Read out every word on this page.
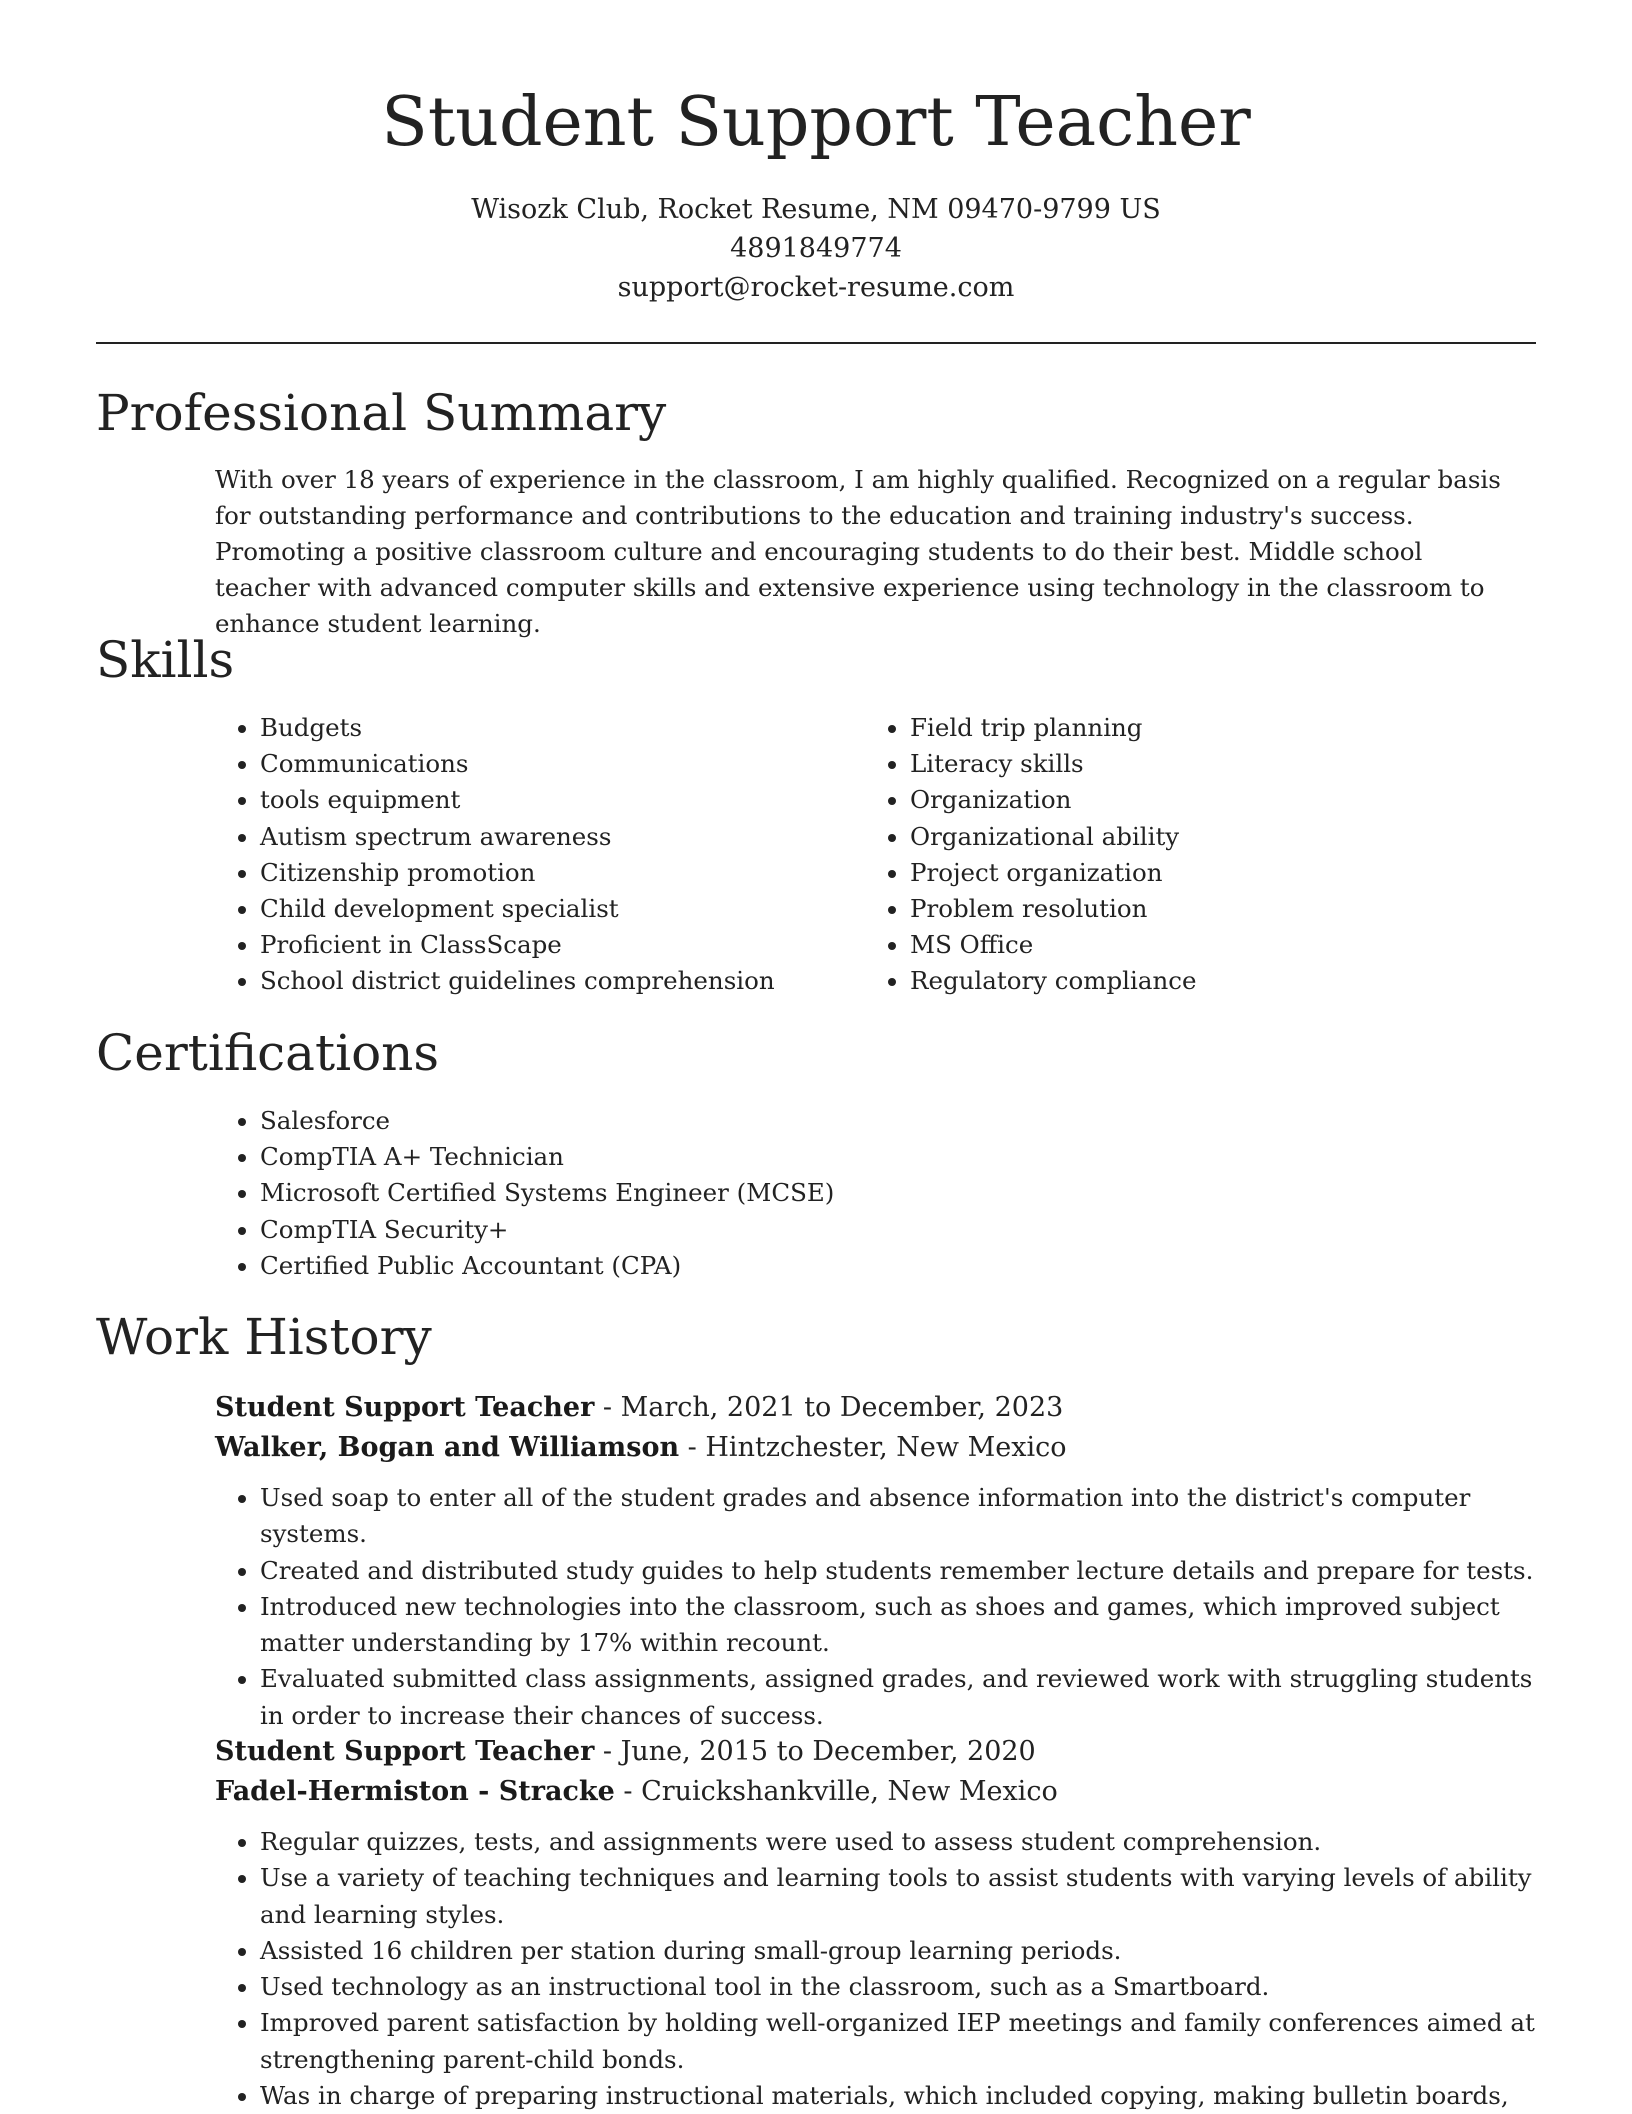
Student Support Teacher

Wisozk Club, Rocket Resume, NM 09470-9799 US

4891849774

support@rocket-resume.com

Professional Summary

With over 18 years of experience in the classroom, I am highly qualified. Recognized on a regular basis for outstanding performance and contributions to the education and training industry's success. Promoting a positive classroom culture and encouraging students to do their best. Middle school teacher with advanced computer skills and extensive experience using technology in the classroom to enhance student learning.

Skills
• Budgets
• Communications
• tools equipment
• Autism spectrum awareness
• Citizenship promotion
• Child development specialist
• Proficient in ClassScape
• School district guidelines comprehension
• Field trip planning
• Literacy skills
• Organization
• Organizational ability
• Project organization
• Problem resolution
• MS Office
• Regulatory compliance
Certifications
• Salesforce
• CompTIA A+ Technician
• Microsoft Certified Systems Engineer (MCSE)
• CompTIA Security+
• Certified Public Accountant (CPA)
Work History

Student Support Teacher - March, 2021 to December, 2023

Walker, Bogan and Williamson - Hintzchester, New Mexico

• Used soap to enter all of the student grades and absence information into the district's computer systems.
• Created and distributed study guides to help students remember lecture details and prepare for tests.
• Introduced new technologies into the classroom, such as shoes and games, which improved subject matter understanding by 17% within recount.
• Evaluated submitted class assignments, assigned grades, and reviewed work with struggling students in order to increase their chances of success.

Student Support Teacher - June, 2015 to December, 2020

Fadel-Hermiston - Stracke - Cruickshankville, New Mexico

• Regular quizzes, tests, and assignments were used to assess student comprehension.
• Use a variety of teaching techniques and learning tools to assist students with varying levels of ability and learning styles.
• Assisted 16 children per station during small-group learning periods.
• Used technology as an instructional tool in the classroom, such as a Smartboard.
• Improved parent satisfaction by holding well-organized IEP meetings and family conferences aimed at strengthening parent-child bonds.
• Was in charge of preparing instructional materials, which included copying, making bulletin boards,
